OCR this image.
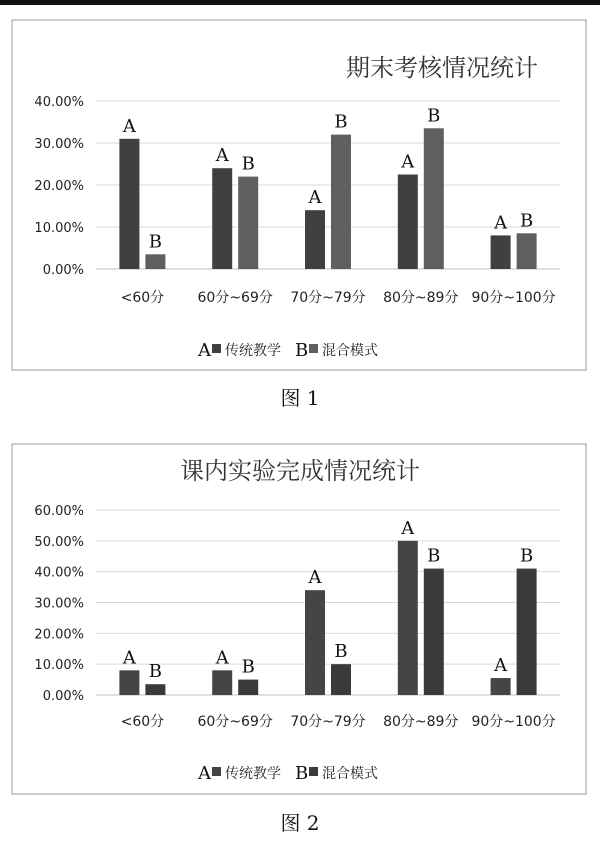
期末考核情况统计
0.00%
10.00%
20.00%
30.00%
40.00%
<60分
A
B
60分~69分
A B
70分~79分
A
B
80分~89分
A
B
90分~100分
A B
A 传统教学 B 混合模式
图 1
课内实验完成情况统计
0.00%
10.00%
20.00%
30.00%
40.00%
50.00%
60.00%
<60分
A
B
60分~69分
A B
70分~79分
A
B
80分~89分
A
B
90分~100分
A
B
A 传统教学 B 混合模式
图 2
